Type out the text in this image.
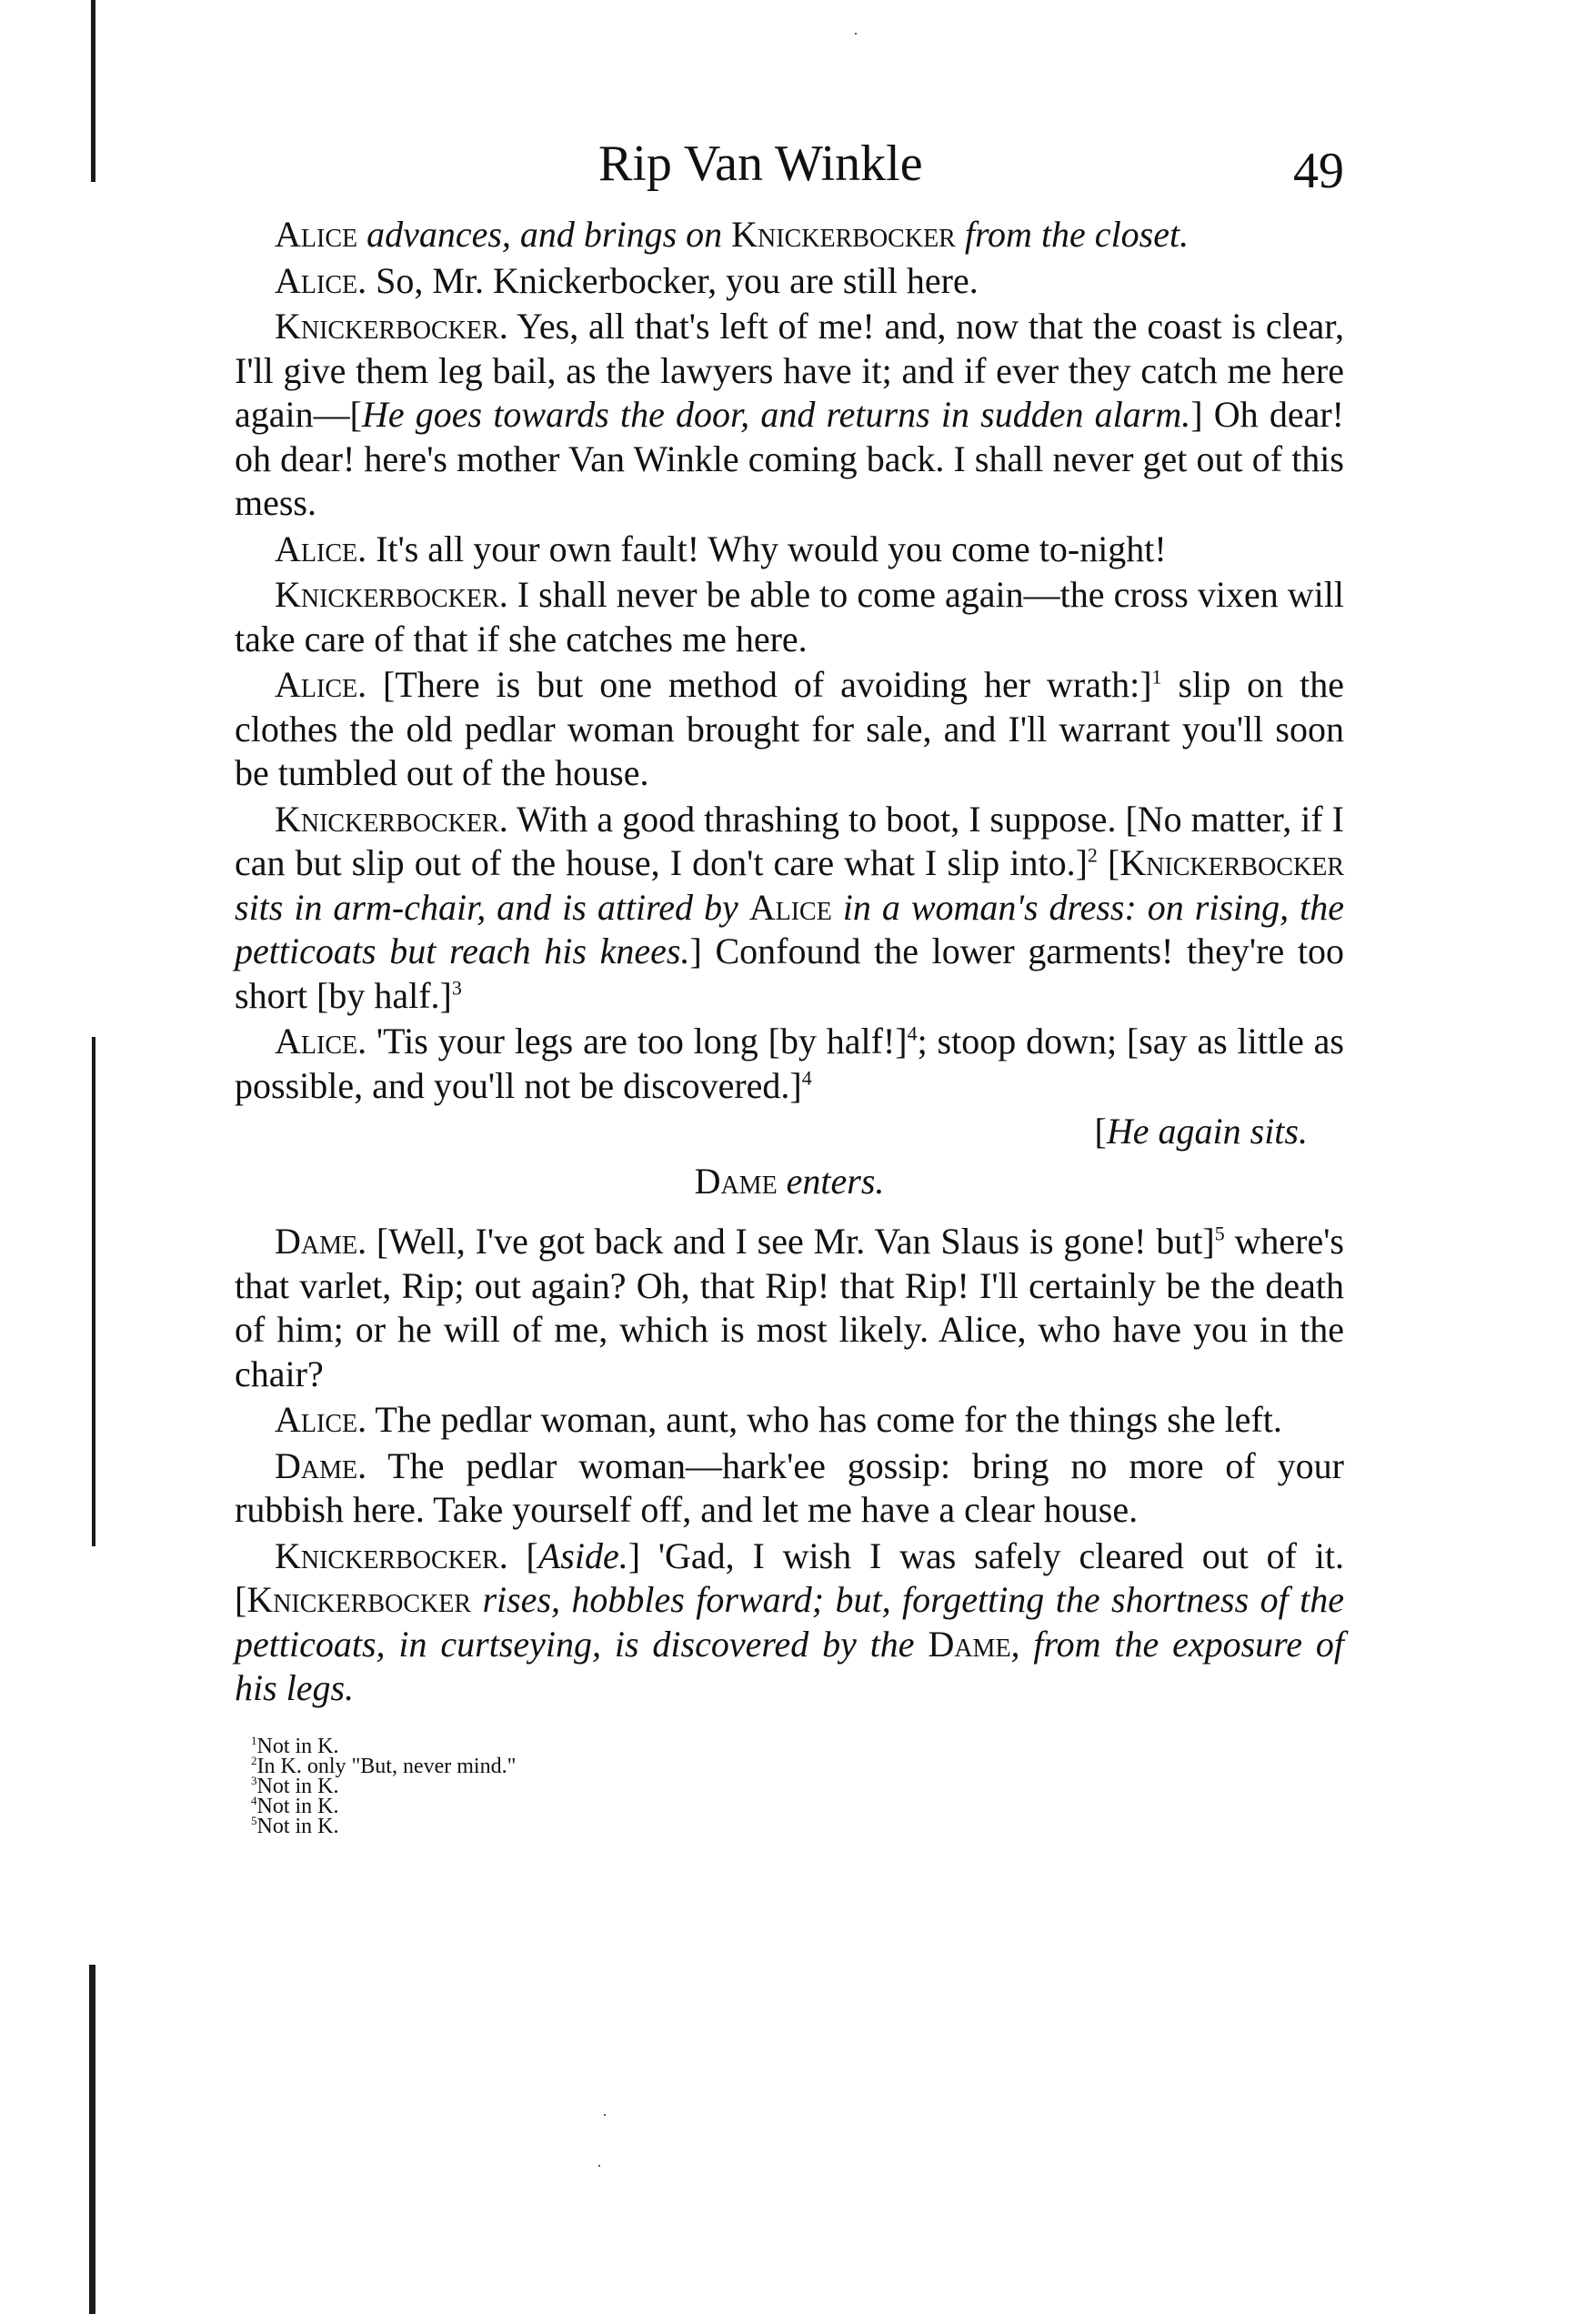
Rip Van Winkle	49

Alice advances, and brings on Knickerbocker from the closet.

Alice. So, Mr. Knickerbocker, you are still here.

Knickerbocker. Yes, all that's left of me! and, now that the coast is clear, I'll give them leg bail, as the lawyers have it; and if ever they catch me here again—[He goes towards the door, and returns in sudden alarm.] Oh dear! oh dear! here's mother Van Winkle coming back. I shall never get out of this mess.

Alice. It's all your own fault! Why would you come to-night!

Knickerbocker. I shall never be able to come again—the cross vixen will take care of that if she catches me here.

Alice. [There is but one method of avoiding her wrath:]$^1$ slip on the clothes the old pedlar woman brought for sale, and I'll warrant you'll soon be tumbled out of the house.

Knickerbocker. With a good thrashing to boot, I suppose. [No matter, if I can but slip out of the house, I don't care what I slip into.]$^2$ [Knickerbocker sits in arm-chair, and is attired by Alice in a woman's dress: on rising, the petticoats but reach his knees.] Confound the lower garments! they're too short [by half.]$^3$

Alice. 'Tis your legs are too long [by half!]$^4$; stoop down; [say as little as possible, and you'll not be discovered.]$^4$

[He again sits.

Dame enters.

Dame. [Well, I've got back and I see Mr. Van Slaus is gone! but]$^5$ where's that varlet, Rip; out again? Oh, that Rip! that Rip! I'll certainly be the death of him; or he will of me, which is most likely. Alice, who have you in the chair?

Alice. The pedlar woman, aunt, who has come for the things she left.

Dame. The pedlar woman—hark'ee gossip: bring no more of your rubbish here. Take yourself off, and let me have a clear house.

Knickerbocker. [Aside.] 'Gad, I wish I was safely cleared out of it. [Knickerbocker rises, hobbles forward; but, forgetting the shortness of the petticoats, in curtseying, is discovered by the Dame, from the exposure of his legs.

$^1$Not in K.
$^2$In K. only "But, never mind."
$^3$Not in K.
$^4$Not in K.
$^5$Not in K.
